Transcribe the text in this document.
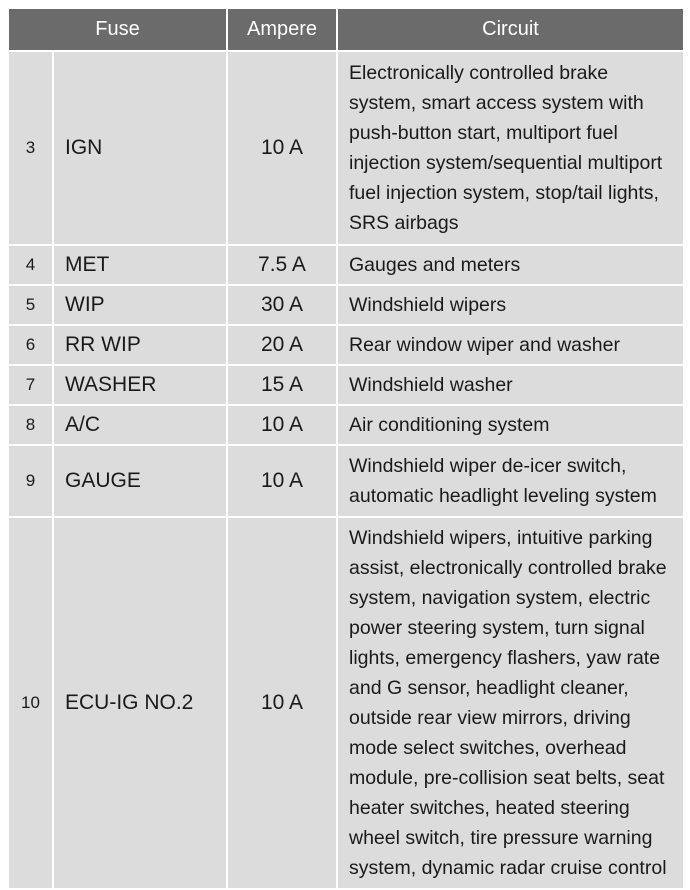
Fuse		Ampere	Circuit
3	IGN	10 A	Electronically controlled brake system, smart access system with push-button start, multiport fuel injection system/sequential multiport fuel injection system, stop/tail lights, SRS airbags
4	MET	7.5 A	Gauges and meters
5	WIP	30 A	Windshield wipers
6	RR WIP	20 A	Rear window wiper and washer
7	WASHER	15 A	Windshield washer
8	A/C	10 A	Air conditioning system
9	GAUGE	10 A	Windshield wiper de-icer switch, automatic headlight leveling system
10	ECU-IG NO.2	10 A	Windshield wipers, intuitive parking assist, electronically controlled brake system, navigation system, electric power steering system, turn signal lights, emergency flashers, yaw rate and G sensor, headlight cleaner, outside rear view mirrors, driving mode select switches, overhead module, pre-collision seat belts, seat heater switches, heated steering wheel switch, tire pressure warning system, dynamic radar cruise control
